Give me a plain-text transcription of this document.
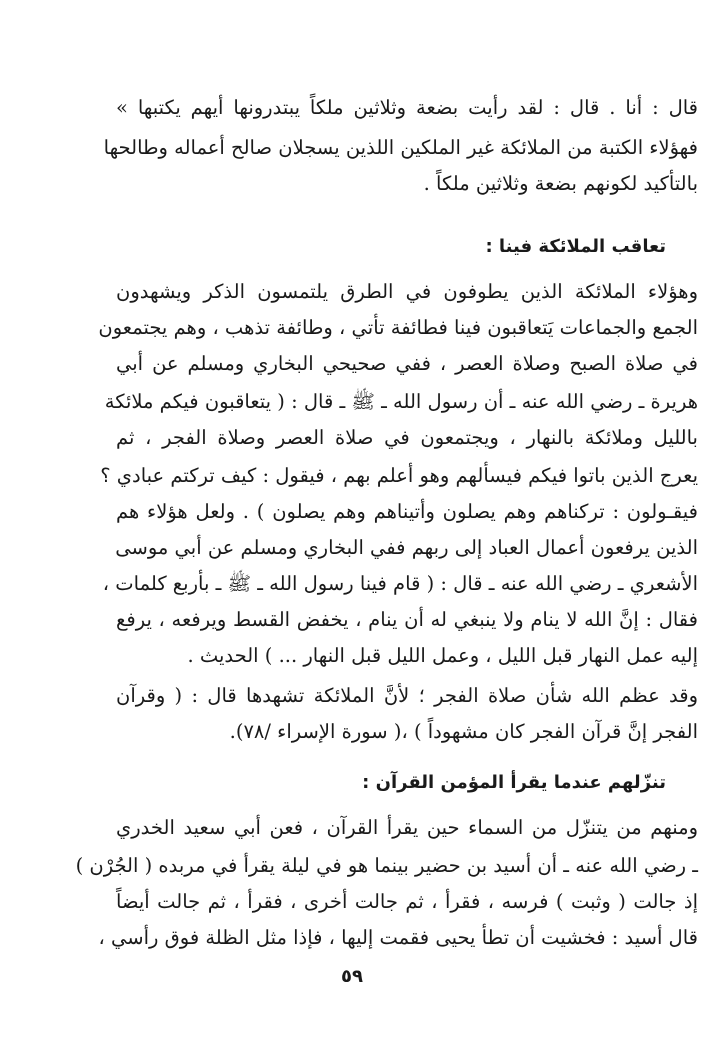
قال : أنا . قال : لقد رأيت بضعة وثلاثين ملكاً يبتدرونها أيهم يكتبها »
فهؤلاء الكتبة من الملائكة غير الملكين اللذين يسجلان صالح أعماله وطالحها
بالتأكيد لكونهم بضعة وثلاثين ملكاً .
تعاقب الملائكة فينا :
وهؤلاء الملائكة الذين يطوفون في الطرق يلتمسون الذكر ويشهدون
الجمع والجماعات يَتعاقبون فينا فطائفة تأتي ، وطائفة تذهب ، وهم يجتمعون
في صلاة الصبح وصلاة العصر ، ففي صحيحي البخاري ومسلم عن أبي
هريرة ـ رضي الله عنه ـ أن رسول الله ـ ﷺ ـ قال : ( يتعاقبون فيكم ملائكة
بالليل وملائكة بالنهار ، ويجتمعون في صلاة العصر وصلاة الفجر ، ثم
يعرج الذين باتوا فيكم فيسألهم وهو أعلم بهم ، فيقول : كيف تركتم عبادي ؟
فيقـولون : تركناهم وهم يصلون وأتيناهم وهم يصلون ) . ولعل هؤلاء هم
الذين يرفعون أعمال العباد إلى ربهم ففي البخاري ومسلم عن أبي موسى
الأشعري ـ رضي الله عنه ـ قال : ( قام فينا رسول الله ـ ﷺ ـ بأربع كلمات ،
فقال : إنَّ الله لا ينام ولا ينبغي له أن ينام ، يخفض القسط ويرفعه ، يرفع
إليه عمل النهار قبل الليل ، وعمل الليل قبل النهار ... ) الحديث .
وقد عظم الله شأن صلاة الفجر ؛ لأنَّ الملائكة تشهدها قال : ( وقرآن
الفجر إنَّ قرآن الفجر كان مشهوداً ) ،( سورة الإسراء /٧٨).
تنزّلهم عندما يقرأ المؤمن القرآن :
ومنهم من يتنزّل من السماء حين يقرأ القرآن ، فعن أبي سعيد الخدري
ـ رضي الله عنه ـ أن أسيد بن حضير بينما هو في ليلة يقرأ في مربده ( الجُرْن )
إذ جالت ( وثبت ) فرسه ، فقرأ ، ثم جالت أخرى ، فقرأ ، ثم جالت أيضاً
قال أسيد : فخشيت أن تطأ يحيى فقمت إليها ، فإذا مثل الظلة فوق رأسي ،
٥٩
